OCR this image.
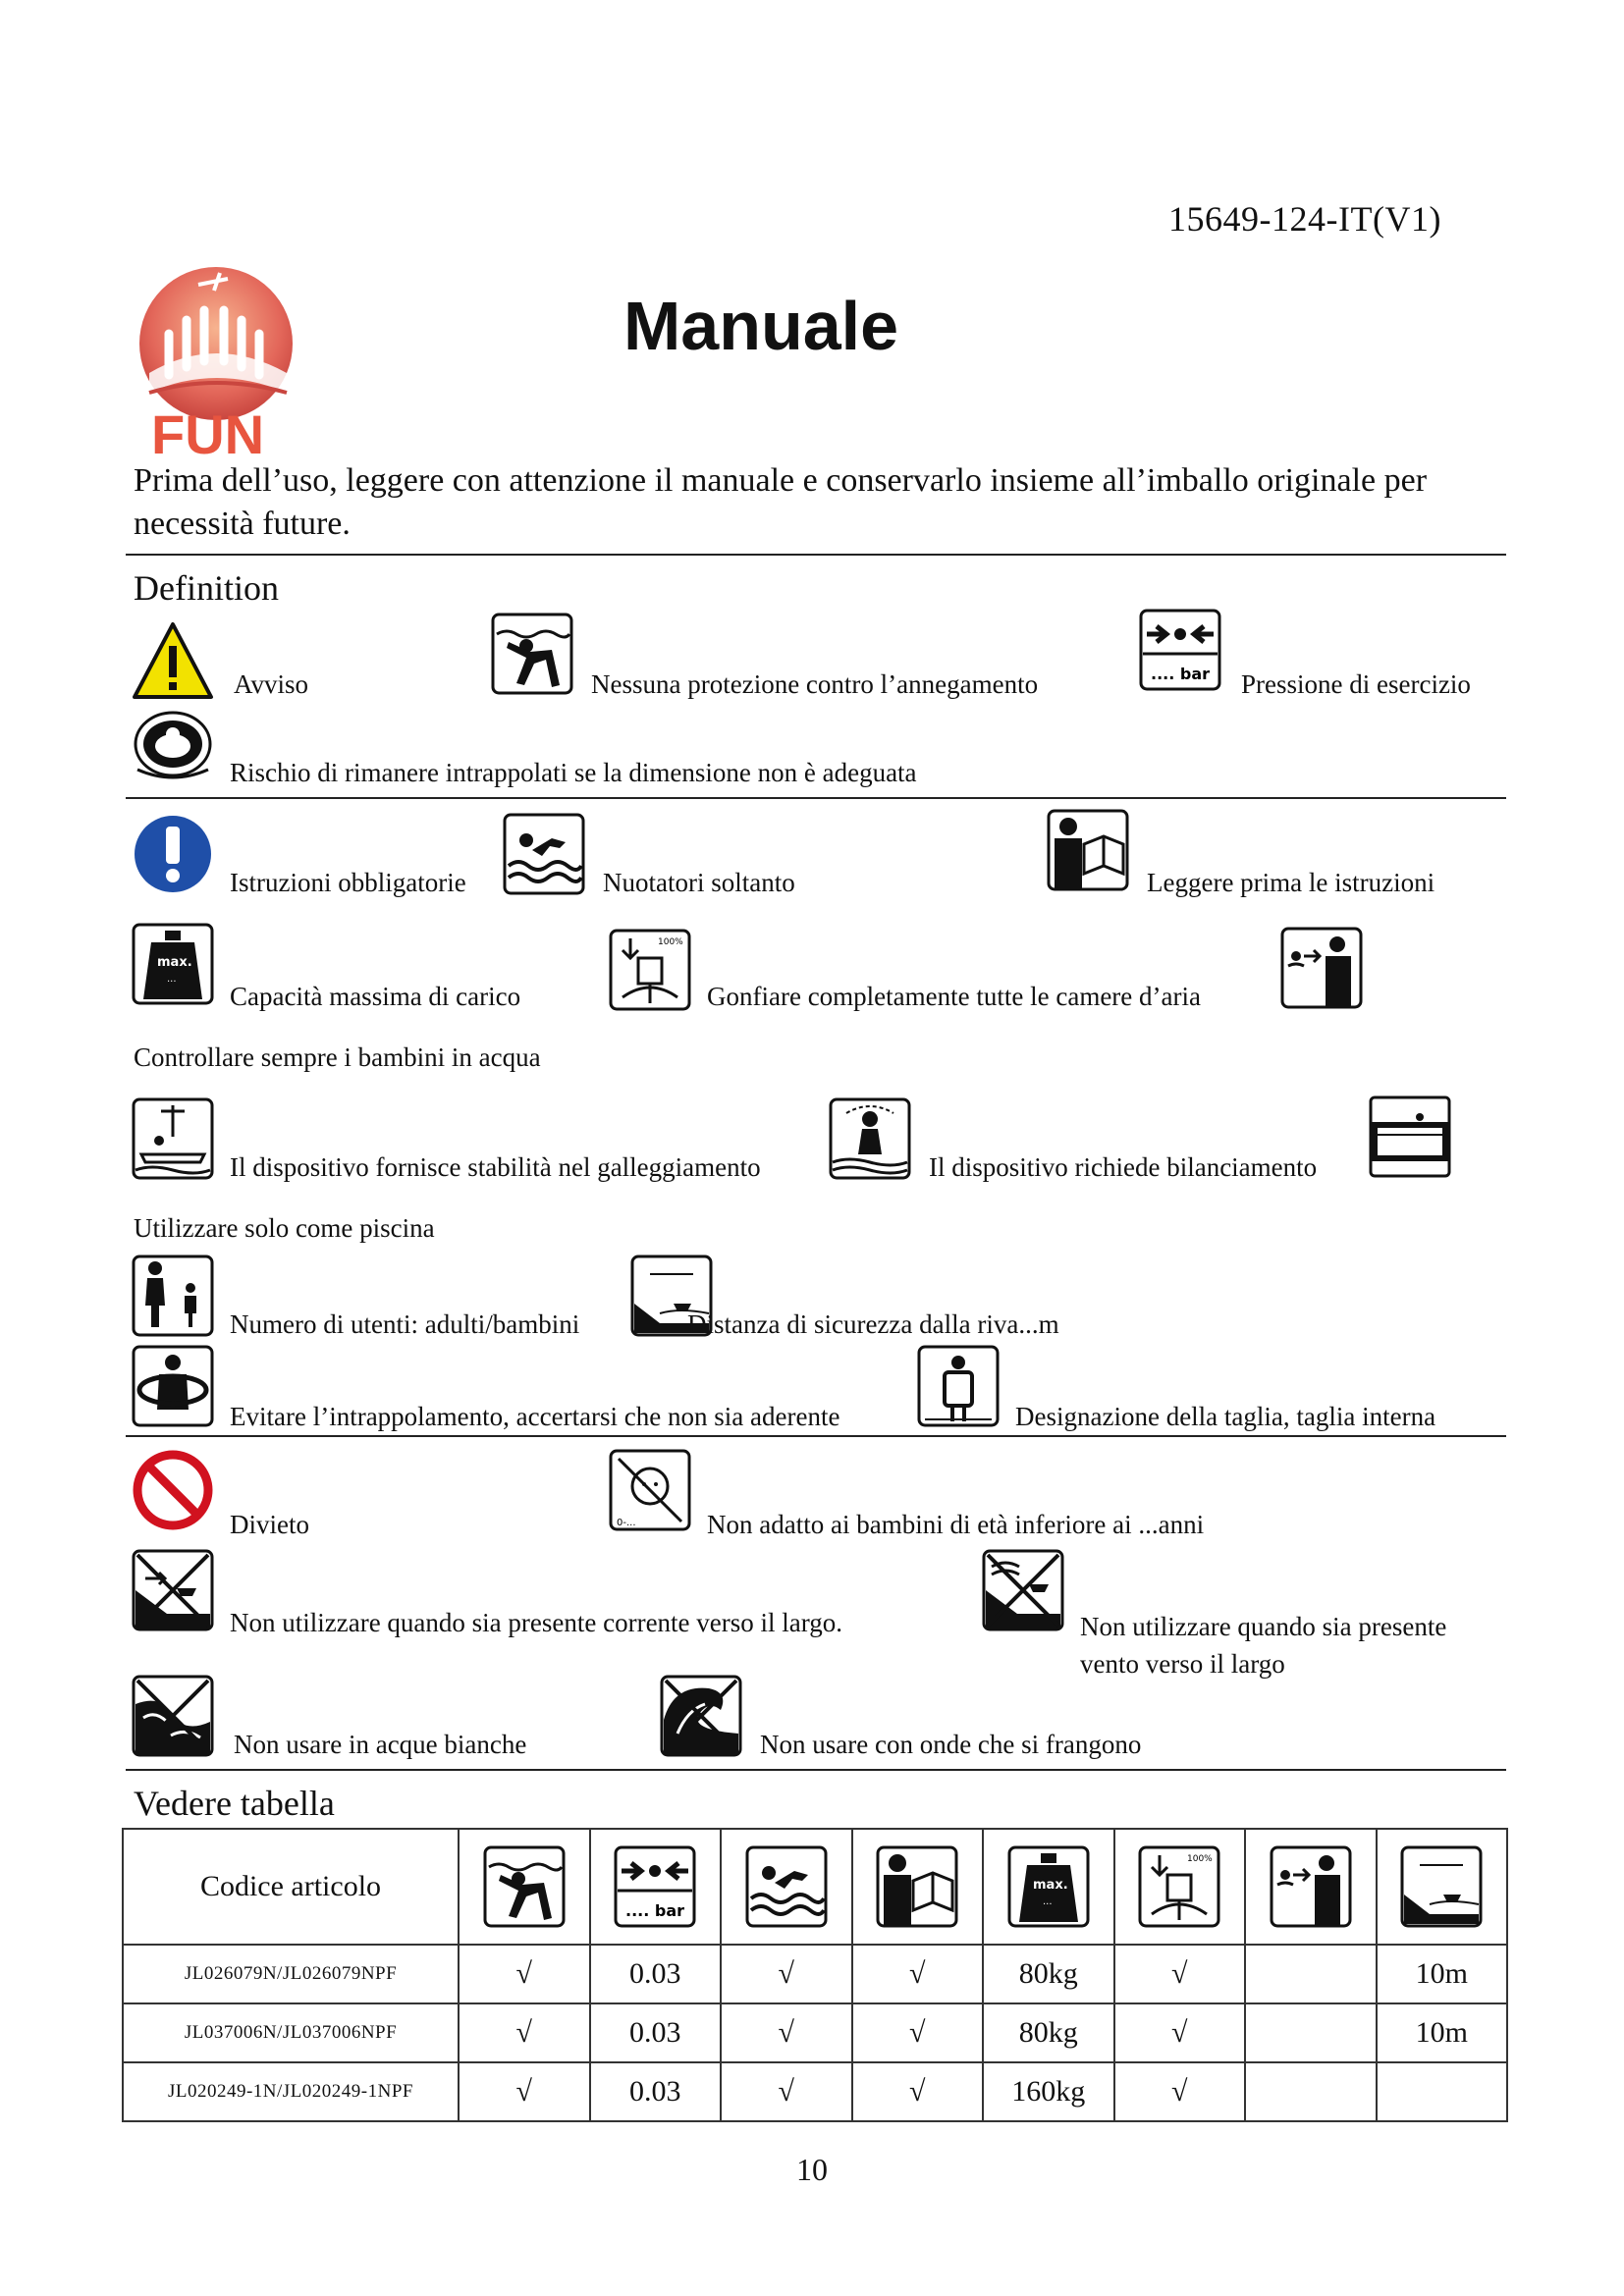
15649-124-IT(V1)
FUN
Manuale
Prima dell’uso, leggere con attenzione il manuale e conservarlo insieme all’imballo originale per necessità future.
Definition
Avviso	Nessuna protezione contro l’annegamento	Pressione di esercizio
Rischio di rimanere intrappolati se la dimensione non è adeguata
Istruzioni obbligatorie	Nuotatori soltanto	Leggere prima le istruzioni
Capacità massima di carico	Gonfiare completamente tutte le camere d’aria
Controllare sempre i bambini in acqua
Il dispositivo fornisce stabilità nel galleggiamento	Il dispositivo richiede bilanciamento
Utilizzare solo come piscina
Numero di utenti: adulti/bambini	Distanza di sicurezza dalla riva...m
Evitare l’intrappolamento, accertarsi che non sia aderente	Designazione della taglia, taglia interna
Divieto	Non adatto ai bambini di età inferiore ai ...anni
Non utilizzare quando sia presente corrente verso il largo.	Non utilizzare quando sia presente vento verso il largo
Non usare in acque bianche	Non usare con onde che si frangono
Vedere tabella
Codice articolo	

JL026079N/JL026079NPF	√	0.03	√	√	80kg	√		10m
JL037006N/JL037006NPF	√	0.03	√	√	80kg	√		10m
JL020249-1N/JL020249-1NPF	√	0.03	√	√	160kg	√		
10
